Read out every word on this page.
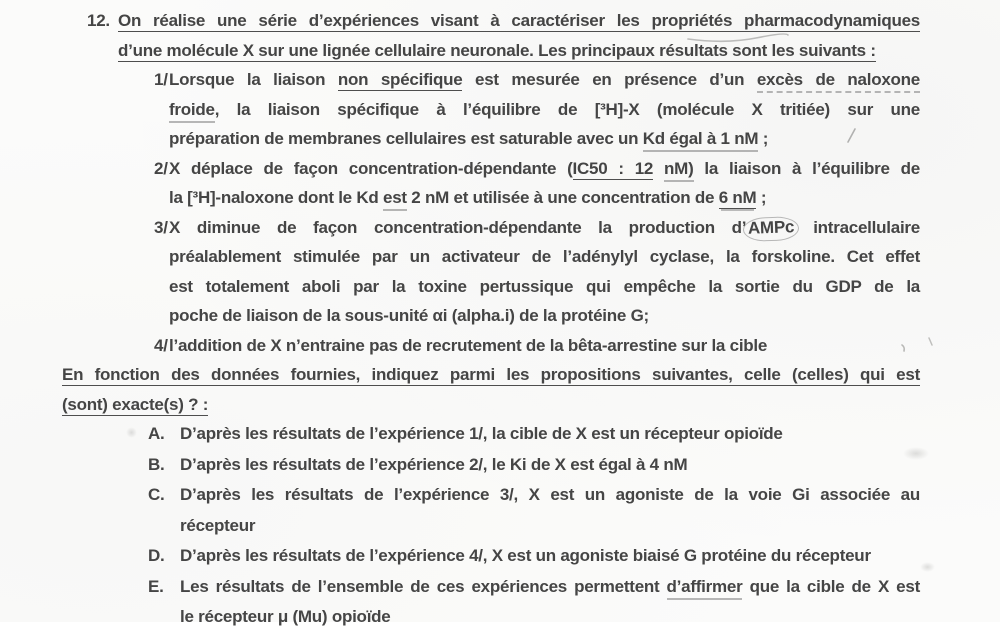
12. On réalise une série d’expériences visant à caractériser les propriétés pharmacodynamiques
d’une molécule X sur une lignée cellulaire neuronale. Les principaux résultats sont les suivants :
1/ Lorsque la liaison non spécifique est mesurée en présence d’un excès de naloxone
froide, la liaison spécifique à l’équilibre de [³H]-X (molécule X tritiée) sur une
préparation de membranes cellulaires est saturable avec un Kd égal à 1 nM ;
2/ X déplace de façon concentration-dépendante (IC50 : 12 nM) la liaison à l’équilibre de
la [³H]-naloxone dont le Kd est 2 nM et utilisée à une concentration de 6 nM ;
3/ X diminue de façon concentration-dépendante la production d’AMPc intracellulaire
préalablement stimulée par un activateur de l’adénylyl cyclase, la forskoline. Cet effet
est totalement aboli par la toxine pertussique qui empêche la sortie du GDP de la
poche de liaison de la sous-unité αi (alpha.i) de la protéine G;
4/ l’addition de X n’entraine pas de recrutement de la bêta-arrestine sur la cible
En fonction des données fournies, indiquez parmi les propositions suivantes, celle (celles) qui est
(sont) exacte(s) ? :
A. D’après les résultats de l’expérience 1/, la cible de X est un récepteur opioïde
B. D’après les résultats de l’expérience 2/, le Ki de X est égal à 4 nM
C. D’après les résultats de l’expérience 3/, X est un agoniste de la voie Gi associée au
récepteur
D. D’après les résultats de l’expérience 4/, X est un agoniste biaisé G protéine du récepteur
E. Les résultats de l’ensemble de ces expériences permettent d’affirmer que la cible de X est
le récepteur μ (Mu) opioïde
